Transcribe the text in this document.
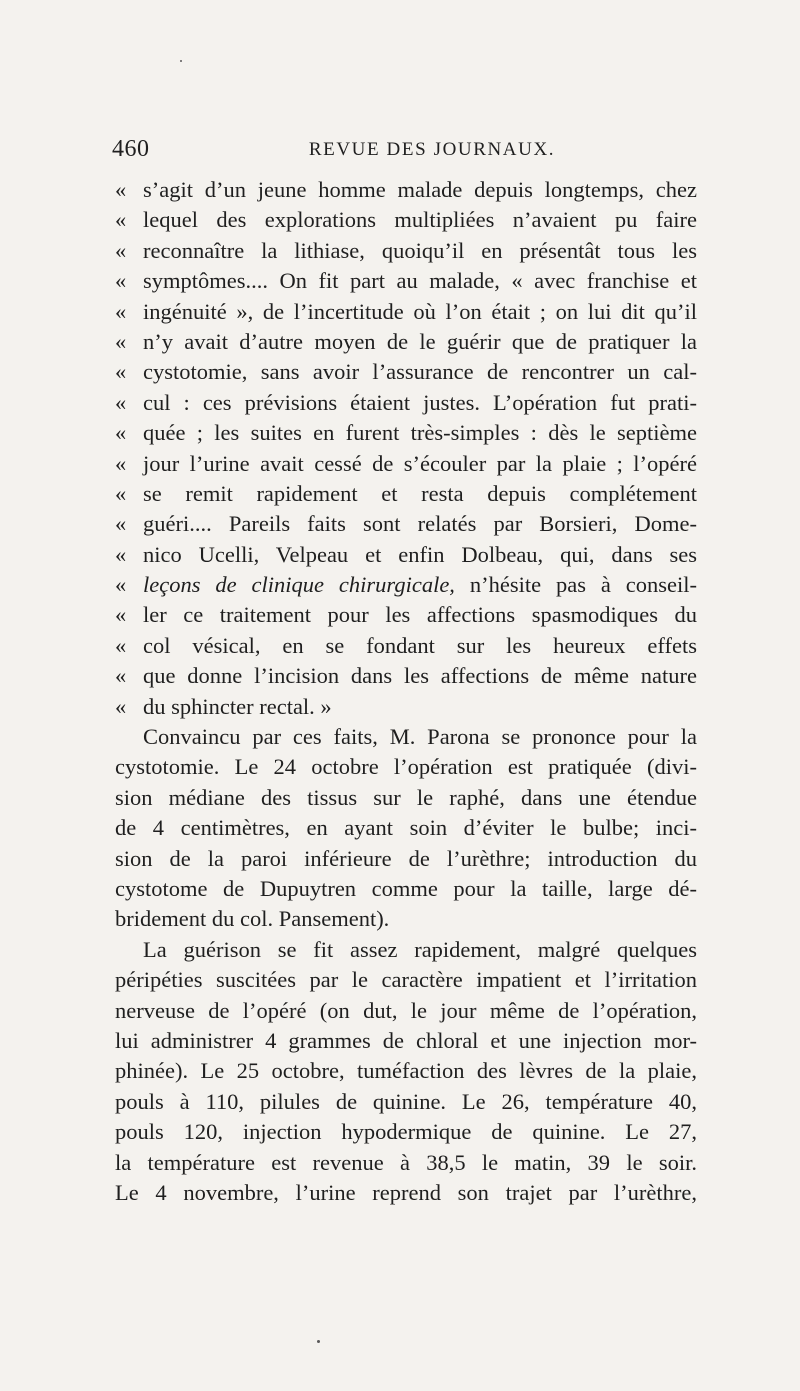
460	REVUE DES JOURNAUX.
« s’agit d’un jeune homme malade depuis longtemps, chez
« lequel des explorations multipliées n’avaient pu faire
« reconnaître la lithiase, quoiqu’il en présentât tous les
« symptômes.... On fit part au malade, « avec franchise et
« ingénuité », de l’incertitude où l’on était ; on lui dit qu’il
« n’y avait d’autre moyen de le guérir que de pratiquer la
« cystotomie, sans avoir l’assurance de rencontrer un cal-
« cul : ces prévisions étaient justes. L’opération fut prati-
« quée ; les suites en furent très-simples : dès le septième
« jour l’urine avait cessé de s’écouler par la plaie ; l’opéré
« se remit rapidement et resta depuis complétement
« guéri.... Pareils faits sont relatés par Borsieri, Dome-
« nico Ucelli, Velpeau et enfin Dolbeau, qui, dans ses
« leçons de clinique chirurgicale, n’hésite pas à conseil-
« ler ce traitement pour les affections spasmodiques du
« col vésical, en se fondant sur les heureux effets
« que donne l’incision dans les affections de même nature
« du sphincter rectal. »
Convaincu par ces faits, M. Parona se prononce pour la
cystotomie. Le 24 octobre l’opération est pratiquée (divi-
sion médiane des tissus sur le raphé, dans une étendue
de 4 centimètres, en ayant soin d’éviter le bulbe; inci-
sion de la paroi inférieure de l’urèthre; introduction du
cystotome de Dupuytren comme pour la taille, large dé-
bridement du col. Pansement).
La guérison se fit assez rapidement, malgré quelques
péripéties suscitées par le caractère impatient et l’irritation
nerveuse de l’opéré (on dut, le jour même de l’opération,
lui administrer 4 grammes de chloral et une injection mor-
phinée). Le 25 octobre, tuméfaction des lèvres de la plaie,
pouls à 110, pilules de quinine. Le 26, température 40,
pouls 120, injection hypodermique de quinine. Le 27,
la température est revenue à 38,5 le matin, 39 le soir.
Le 4 novembre, l’urine reprend son trajet par l’urèthre,
